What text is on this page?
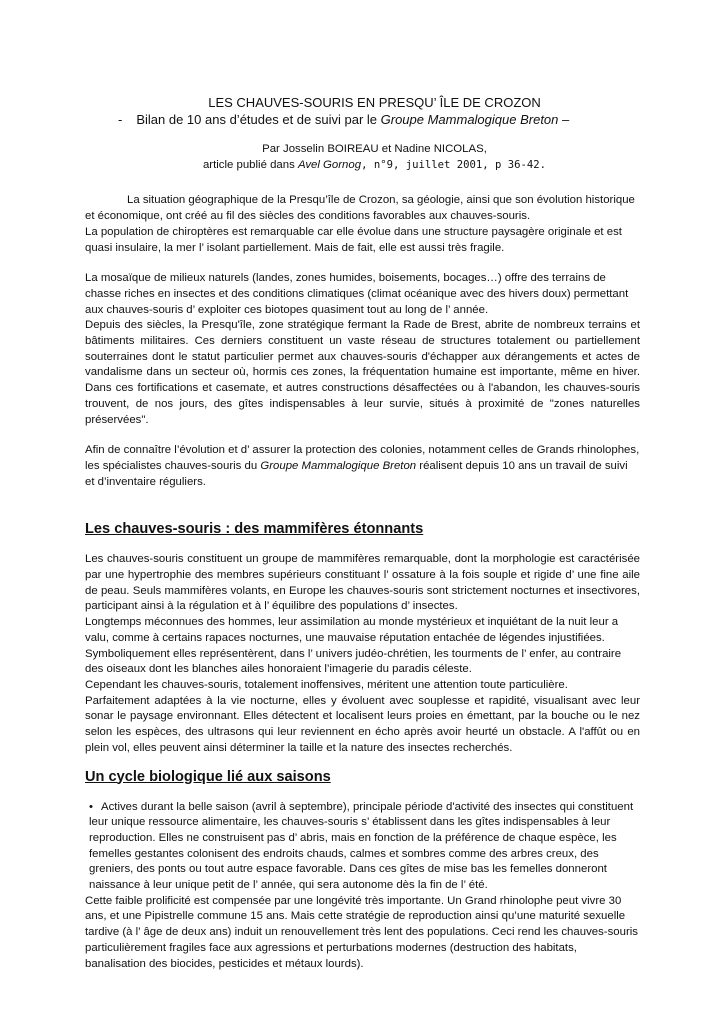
LES CHAUVES-SOURIS EN PRESQU’ ÎLE DE CROZON

- Bilan de 10 ans d’études et de suivi par le Groupe Mammalogique Breton –

Par Josselin BOIREAU et Nadine NICOLAS,

article publié dans Avel Gornog, n°9, juillet 2001, p 36-42.

La situation géographique de la Presqu’île de Crozon, sa géologie, ainsi que son évolution historique et économique, ont créé au fil des siècles des conditions favorables aux chauves-souris.

La population de chiroptères est remarquable car elle évolue dans une structure paysagère originale et est quasi insulaire, la mer l’ isolant partiellement. Mais de fait, elle est aussi très fragile.

La mosaïque de milieux naturels (landes, zones humides, boisements, bocages…) offre des terrains de chasse riches en insectes et des conditions climatiques (climat océanique avec des hivers doux) permettant aux chauves-souris d’ exploiter ces biotopes quasiment tout au long de l’ année.

Depuis des siècles, la Presqu'île, zone stratégique fermant la Rade de Brest, abrite de nombreux terrains et bâtiments militaires. Ces derniers constituent un vaste réseau de structures totalement ou partiellement souterraines dont le statut particulier permet aux chauves-souris d'échapper aux dérangements et actes de vandalisme dans un secteur où, hormis ces zones, la fréquentation humaine est importante, même en hiver. Dans ces fortifications et casemate, et autres constructions désaffectées ou à l'abandon, les chauves-souris trouvent, de nos jours, des gîtes indispensables à leur survie, situés à proximité de "zones naturelles préservées".

Afin de connaître l’évolution et d’ assurer la protection des colonies, notamment celles de Grands rhinolophes, les spécialistes chauves-souris du Groupe Mammalogique Breton réalisent depuis 10 ans un travail de suivi et d’inventaire réguliers.

Les chauves-souris : des mammifères étonnants

Les chauves-souris constituent un groupe de mammifères remarquable, dont la morphologie est caractérisée par une hypertrophie des membres supérieurs constituant l’ ossature à la fois souple et rigide d’ une fine aile de peau. Seuls mammifères volants, en Europe les chauves-souris sont strictement nocturnes et insectivores, participant ainsi à la régulation et à l’ équilibre des populations d’ insectes.

Longtemps méconnues des hommes, leur assimilation au monde mystérieux et inquiétant de la nuit leur a valu, comme à certains rapaces nocturnes, une mauvaise réputation entachée de légendes injustifiées. Symboliquement elles représentèrent, dans l’ univers judéo-chrétien, les tourments de l’ enfer, au contraire des oiseaux dont les blanches ailes honoraient l’imagerie du paradis céleste.

Cependant les chauves-souris, totalement inoffensives, méritent une attention toute particulière.

Parfaitement adaptées à la vie nocturne, elles y évoluent avec souplesse et rapidité, visualisant avec leur sonar le paysage environnant. Elles détectent et localisent leurs proies en émettant, par la bouche ou le nez selon les espèces, des ultrasons qui leur reviennent en écho après avoir heurté un obstacle. A l'affût ou en plein vol, elles peuvent ainsi déterminer la taille et la nature des insectes recherchés.

Un cycle biologique lié aux saisons

• Actives durant la belle saison (avril à septembre), principale période d'activité des insectes qui constituent leur unique ressource alimentaire, les chauves-souris s’ établissent dans les gîtes indispensables à leur reproduction. Elles ne construisent pas d’ abris, mais en fonction de la préférence de chaque espèce, les femelles gestantes colonisent des endroits chauds, calmes et sombres comme des arbres creux, des greniers, des ponts ou tout autre espace favorable. Dans ces gîtes de mise bas les femelles donneront naissance à leur unique petit de l’ année, qui sera autonome dès la fin de l’ été.

Cette faible prolificité est compensée par une longévité très importante. Un Grand rhinolophe peut vivre 30 ans, et une Pipistrelle commune 15 ans. Mais cette stratégie de reproduction ainsi qu’une maturité sexuelle tardive (à l’ âge de deux ans) induit un renouvellement très lent des populations. Ceci rend les chauves-souris particulièrement fragiles face aux agressions et perturbations modernes (destruction des habitats, banalisation des biocides, pesticides et métaux lourds).
